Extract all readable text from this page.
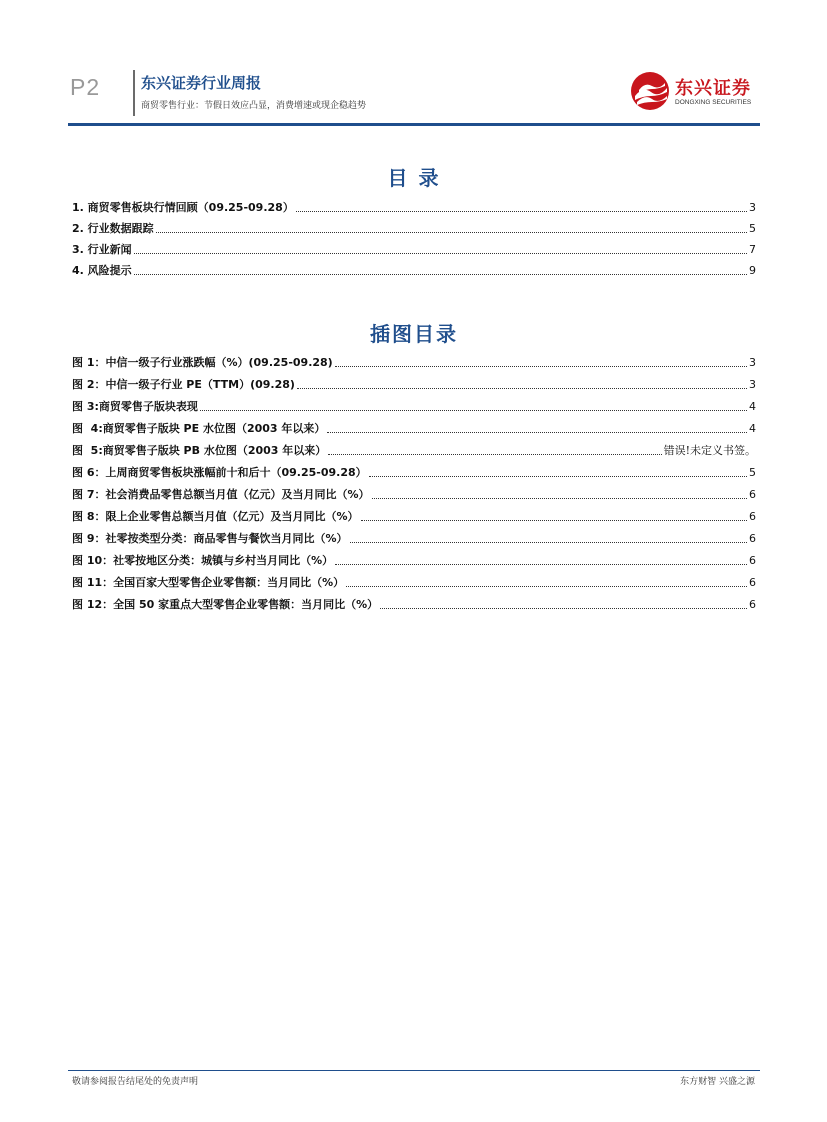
P2	东兴证券行业周报
商贸零售行业：节假日效应凸显，消费增速或现企稳趋势
东兴证券
DONGXING SECURITIES
目 录
1. 商贸零售板块行情回顾（09.25-09.28）	3
2. 行业数据跟踪	5
3. 行业新闻	7
4. 风险提示	9
插图目录
图 1：中信一级子行业涨跌幅（%）(09.25-09.28)	3
图 2：中信一级子行业 PE（TTM）(09.28)	3
图 3:商贸零售子版块表现	4
图  4:商贸零售子版块 PE 水位图（2003 年以来）	4
图  5:商贸零售子版块 PB 水位图（2003 年以来）	错误!未定义书签。
图 6：上周商贸零售板块涨幅前十和后十（09.25-09.28）	5
图 7：社会消费品零售总额当月值（亿元）及当月同比（%）	6
图 8：限上企业零售总额当月值（亿元）及当月同比（%）	6
图 9：社零按类型分类：商品零售与餐饮当月同比（%）	6
图 10：社零按地区分类：城镇与乡村当月同比（%）	6
图 11：全国百家大型零售企业零售额：当月同比（%）	6
图 12：全国 50 家重点大型零售企业零售额：当月同比（%）	6
敬请参阅报告结尾处的免责声明	东方财智 兴盛之源
